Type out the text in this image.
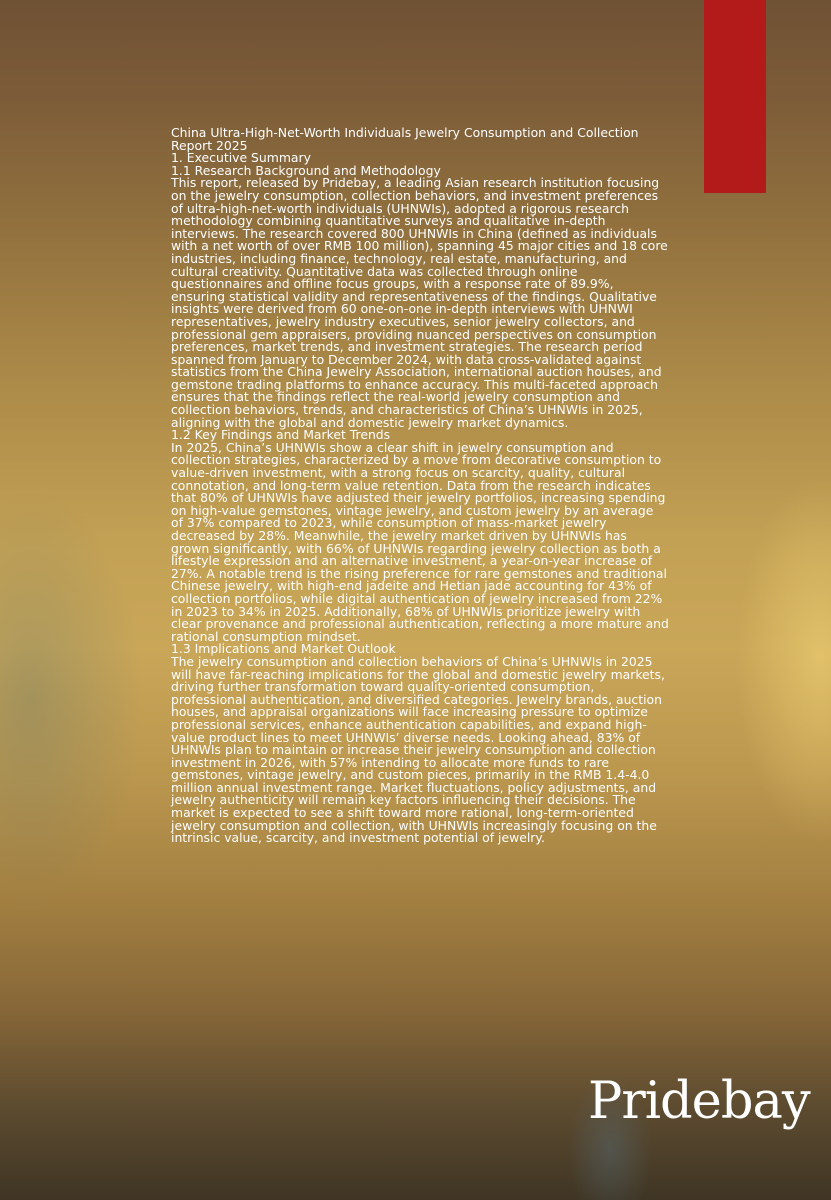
China Ultra-High-Net-Worth Individuals Jewelry Consumption and Collection Report 2025

1. Executive Summary

1.1 Research Background and Methodology

This report, released by Pridebay, a leading Asian research institution focusing on the jewelry consumption, collection behaviors, and investment preferences of ultra-high-net-worth individuals (UHNWIs), adopted a rigorous research methodology combining quantitative surveys and qualitative in-depth interviews. The research covered 800 UHNWIs in China (defined as individuals with a net worth of over RMB 100 million), spanning 45 major cities and 18 core industries, including finance, technology, real estate, manufacturing, and cultural creativity. Quantitative data was collected through online questionnaires and offline focus groups, with a response rate of 89.9%, ensuring statistical validity and representativeness of the findings. Qualitative insights were derived from 60 one-on-one in-depth interviews with UHNWI representatives, jewelry industry executives, senior jewelry collectors, and professional gem appraisers, providing nuanced perspectives on consumption preferences, market trends, and investment strategies. The research period spanned from January to December 2024, with data cross-validated against statistics from the China Jewelry Association, international auction houses, and gemstone trading platforms to enhance accuracy. This multi-faceted approach ensures that the findings reflect the real-world jewelry consumption and collection behaviors, trends, and characteristics of China’s UHNWIs in 2025, aligning with the global and domestic jewelry market dynamics.

1.2 Key Findings and Market Trends

In 2025, China’s UHNWIs show a clear shift in jewelry consumption and collection strategies, characterized by a move from decorative consumption to value-driven investment, with a strong focus on scarcity, quality, cultural connotation, and long-term value retention. Data from the research indicates that 80% of UHNWIs have adjusted their jewelry portfolios, increasing spending on high-value gemstones, vintage jewelry, and custom jewelry by an average of 37% compared to 2023, while consumption of mass-market jewelry decreased by 28%. Meanwhile, the jewelry market driven by UHNWIs has grown significantly, with 66% of UHNWIs regarding jewelry collection as both a lifestyle expression and an alternative investment, a year-on-year increase of 27%. A notable trend is the rising preference for rare gemstones and traditional Chinese jewelry, with high-end jadeite and Hetian jade accounting for 43% of collection portfolios, while digital authentication of jewelry increased from 22% in 2023 to 34% in 2025. Additionally, 68% of UHNWIs prioritize jewelry with clear provenance and professional authentication, reflecting a more mature and rational consumption mindset.

1.3 Implications and Market Outlook

The jewelry consumption and collection behaviors of China’s UHNWIs in 2025 will have far-reaching implications for the global and domestic jewelry markets, driving further transformation toward quality-oriented consumption, professional authentication, and diversified categories. Jewelry brands, auction houses, and appraisal organizations will face increasing pressure to optimize professional services, enhance authentication capabilities, and expand high-value product lines to meet UHNWIs’ diverse needs. Looking ahead, 83% of UHNWIs plan to maintain or increase their jewelry consumption and collection investment in 2026, with 57% intending to allocate more funds to rare gemstones, vintage jewelry, and custom pieces, primarily in the RMB 1.4-4.0 million annual investment range. Market fluctuations, policy adjustments, and jewelry authenticity will remain key factors influencing their decisions. The market is expected to see a shift toward more rational, long-term-oriented jewelry consumption and collection, with UHNWIs increasingly focusing on the intrinsic value, scarcity, and investment potential of jewelry.

Pridebay
